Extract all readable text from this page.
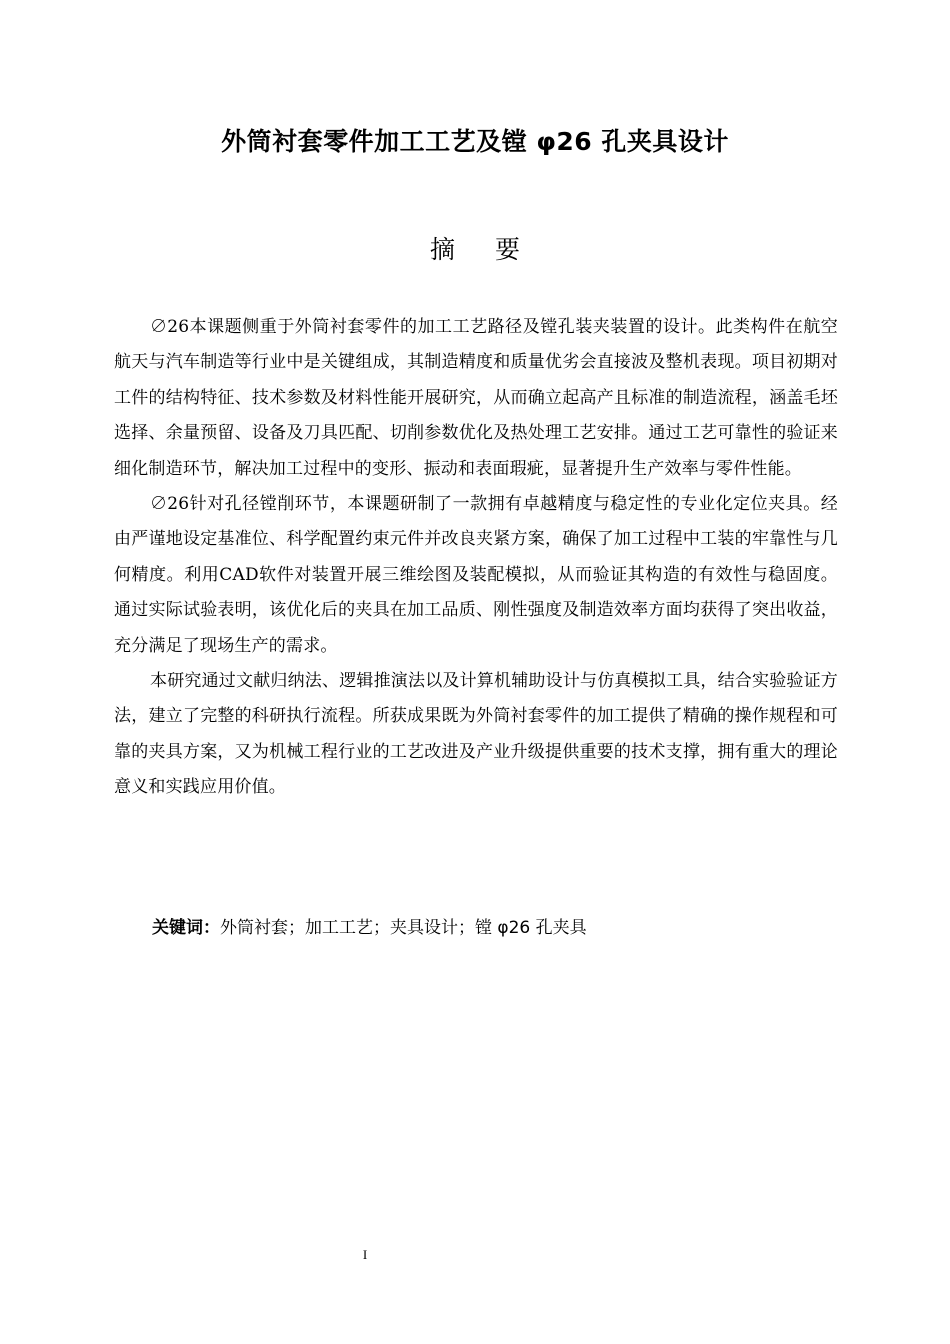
外筒衬套零件加工工艺及镗 φ26 孔夹具设计
摘 要

∅26本课题侧重于外筒衬套零件的加工工艺路径及镗孔装夹装置的设计。此类构件在航空航天与汽车制造等行业中是关键组成，其制造精度和质量优劣会直接波及整机表现。项目初期对工件的结构特征、技术参数及材料性能开展研究，从而确立起高产且标准的制造流程，涵盖毛坯选择、余量预留、设备及刀具匹配、切削参数优化及热处理工艺安排。通过工艺可靠性的验证来细化制造环节，解决加工过程中的变形、振动和表面瑕疵，显著提升生产效率与零件性能。

∅26针对孔径镗削环节，本课题研制了一款拥有卓越精度与稳定性的专业化定位夹具。经由严谨地设定基准位、科学配置约束元件并改良夹紧方案，确保了加工过程中工装的牢靠性与几何精度。利用CAD软件对装置开展三维绘图及装配模拟，从而验证其构造的有效性与稳固度。通过实际试验表明，该优化后的夹具在加工品质、刚性强度及制造效率方面均获得了突出收益，充分满足了现场生产的需求。

本研究通过文献归纳法、逻辑推演法以及计算机辅助设计与仿真模拟工具，结合实验验证方法，建立了完整的科研执行流程。所获成果既为外筒衬套零件的加工提供了精确的操作规程和可靠的夹具方案，又为机械工程行业的工艺改进及产业升级提供重要的技术支撑，拥有重大的理论意义和实践应用价值。

关键词：外筒衬套；加工工艺；夹具设计；镗 φ26 孔夹具
I
